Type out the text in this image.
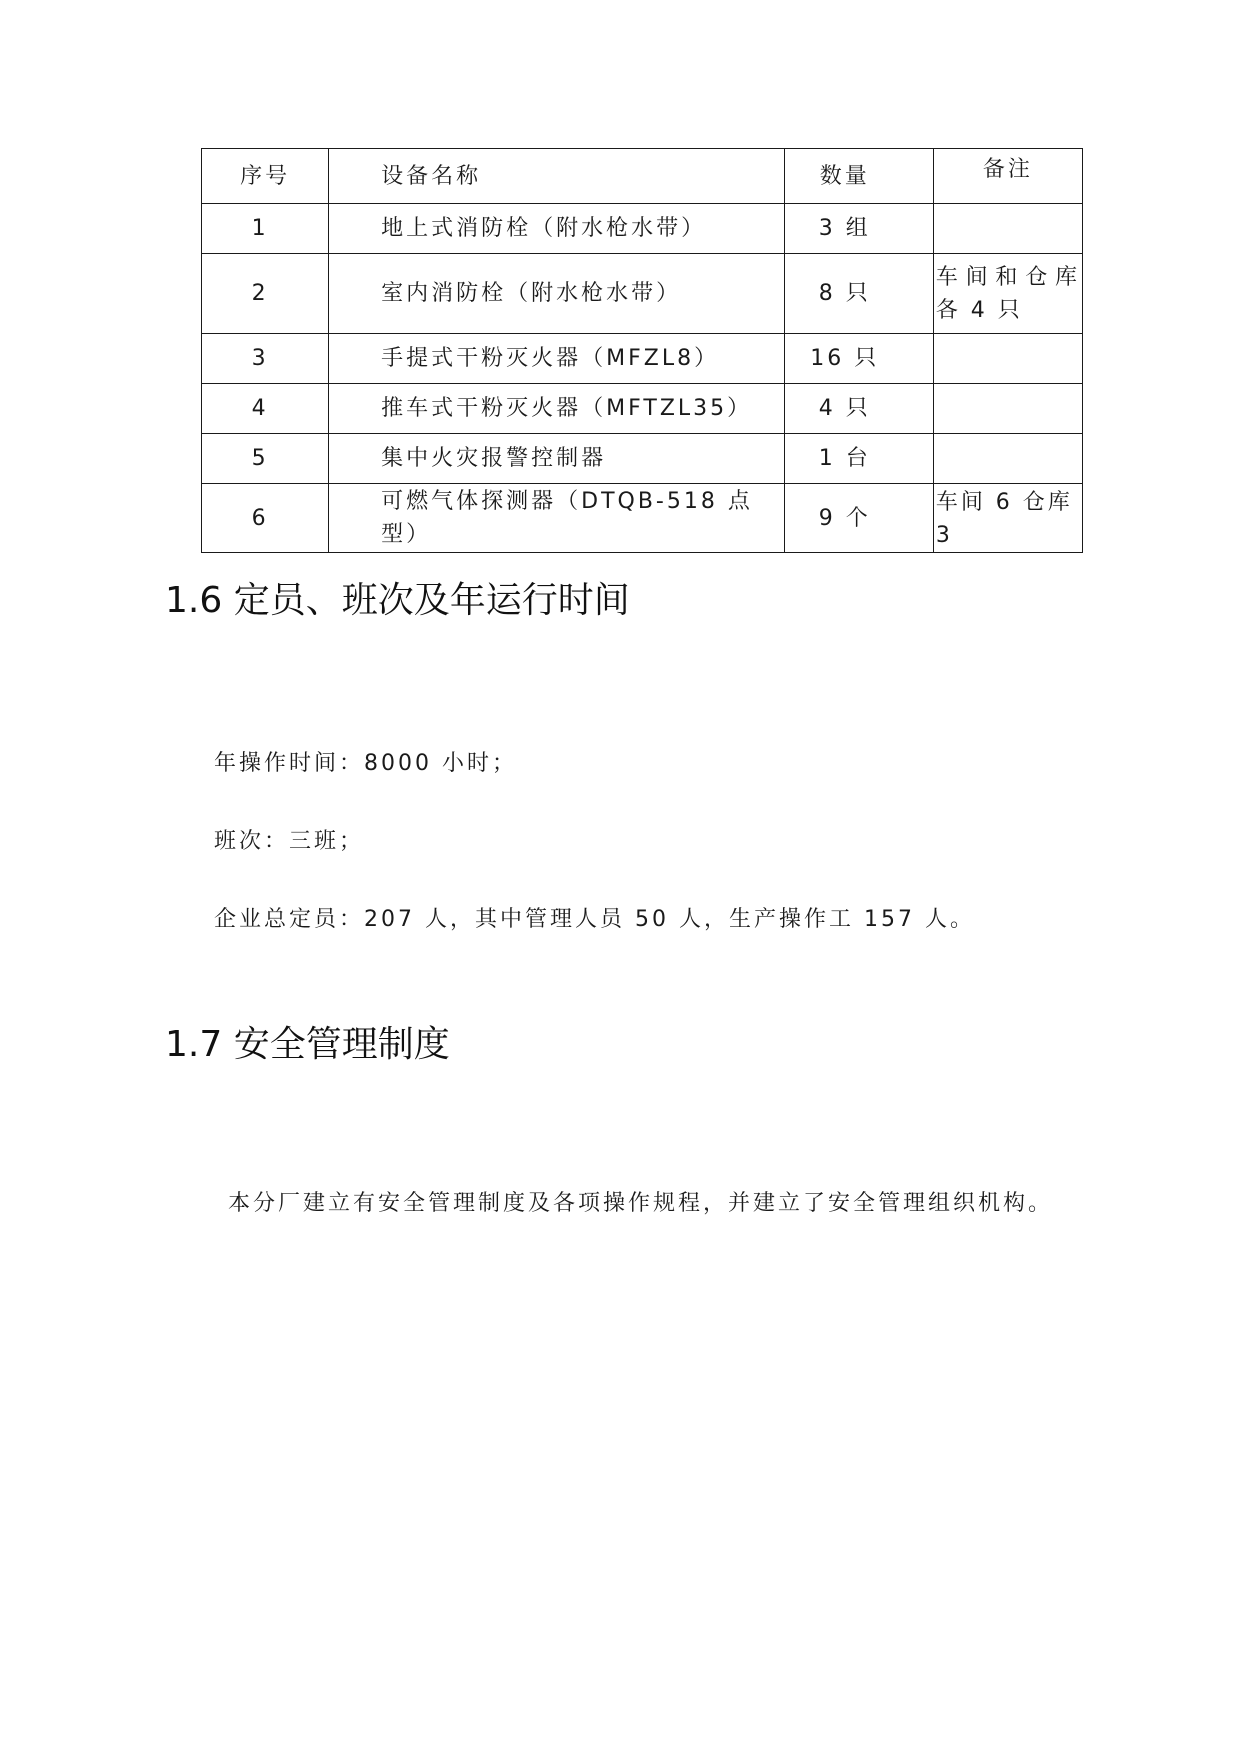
序号	设备名称	数量	备注
1	地上式消防栓（附水枪水带）	3 组	
2	室内消防栓（附水枪水带）	8 只	车间和仓库
各 4 只

3	手提式干粉灭火器（MFZL8）	16 只	
4	推车式干粉灭火器（MFTZL35）	4 只	
5	集中火灾报警控制器	1 台	
6	可燃气体探测器（DTQB-518 点型）	9 个	车间 6 仓库 3
1.6 定员、班次及年运行时间

年操作时间：8000 小时；

班次：三班；

企业总定员：207 人，其中管理人员 50 人，生产操作工 157 人。

1.7 安全管理制度

本分厂建立有安全管理制度及各项操作规程，并建立了安全管理组织机构。
